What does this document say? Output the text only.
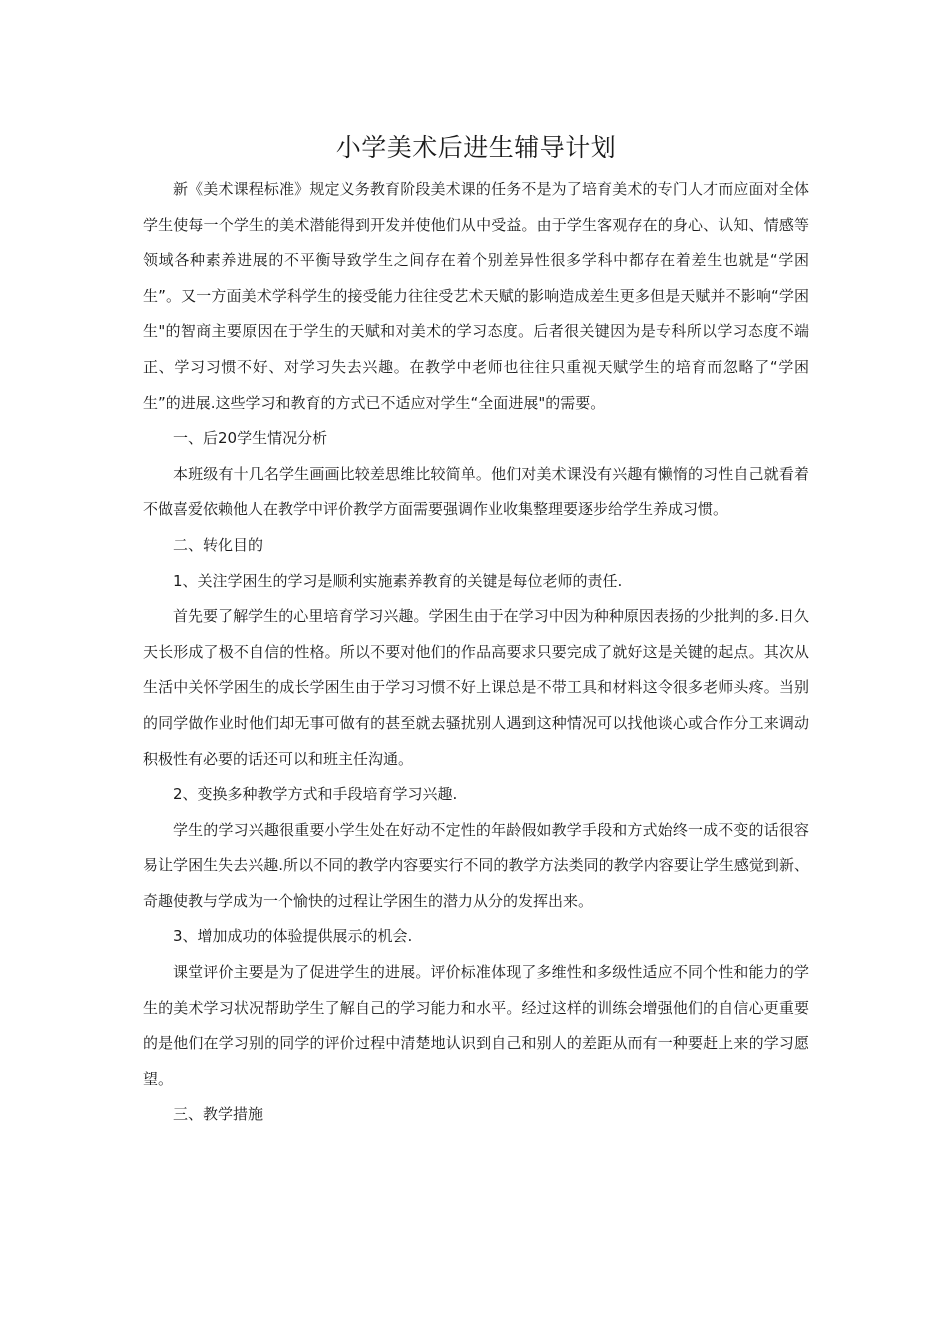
小学美术后进生辅导计划

新《美术课程标准》规定义务教育阶段美术课的任务不是为了培育美术的专门人才而应面对全体学生使每一个学生的美术潜能得到开发并使他们从中受益。由于学生客观存在的身心、认知、情感等领域各种素养进展的不平衡导致学生之间存在着个别差异性很多学科中都存在着差生也就是“学困生”。又一方面美术学科学生的接受能力往往受艺术天赋的影响造成差生更多但是天赋并不影响“学困生"的智商主要原因在于学生的天赋和对美术的学习态度。后者很关键因为是专科所以学习态度不端正、学习习惯不好、对学习失去兴趣。在教学中老师也往往只重视天赋学生的培育而忽略了“学困生”的进展.这些学习和教育的方式已不适应对学生“全面进展"的需要。

一、后20学生情况分析

本班级有十几名学生画画比较差思维比较简单。他们对美术课没有兴趣有懒惰的习性自己就看着不做喜爱依赖他人在教学中评价教学方面需要强调作业收集整理要逐步给学生养成习惯。

二、转化目的

1、关注学困生的学习是顺利实施素养教育的关键是每位老师的责任.

首先要了解学生的心里培育学习兴趣。学困生由于在学习中因为种种原因表扬的少批判的多.日久天长形成了极不自信的性格。所以不要对他们的作品高要求只要完成了就好这是关键的起点。其次从生活中关怀学困生的成长学困生由于学习习惯不好上课总是不带工具和材料这令很多老师头疼。当别的同学做作业时他们却无事可做有的甚至就去骚扰别人遇到这种情况可以找他谈心或合作分工来调动积极性有必要的话还可以和班主任沟通。

2、变换多种教学方式和手段培育学习兴趣.

学生的学习兴趣很重要小学生处在好动不定性的年龄假如教学手段和方式始终一成不变的话很容易让学困生失去兴趣.所以不同的教学内容要实行不同的教学方法类同的教学内容要让学生感觉到新、奇趣使教与学成为一个愉快的过程让学困生的潜力从分的发挥出来。

3、增加成功的体验提供展示的机会.

课堂评价主要是为了促进学生的进展。评价标准体现了多维性和多级性适应不同个性和能力的学生的美术学习状况帮助学生了解自己的学习能力和水平。经过这样的训练会增强他们的自信心更重要的是他们在学习别的同学的评价过程中清楚地认识到自己和别人的差距从而有一种要赶上来的学习愿望。

三、教学措施
